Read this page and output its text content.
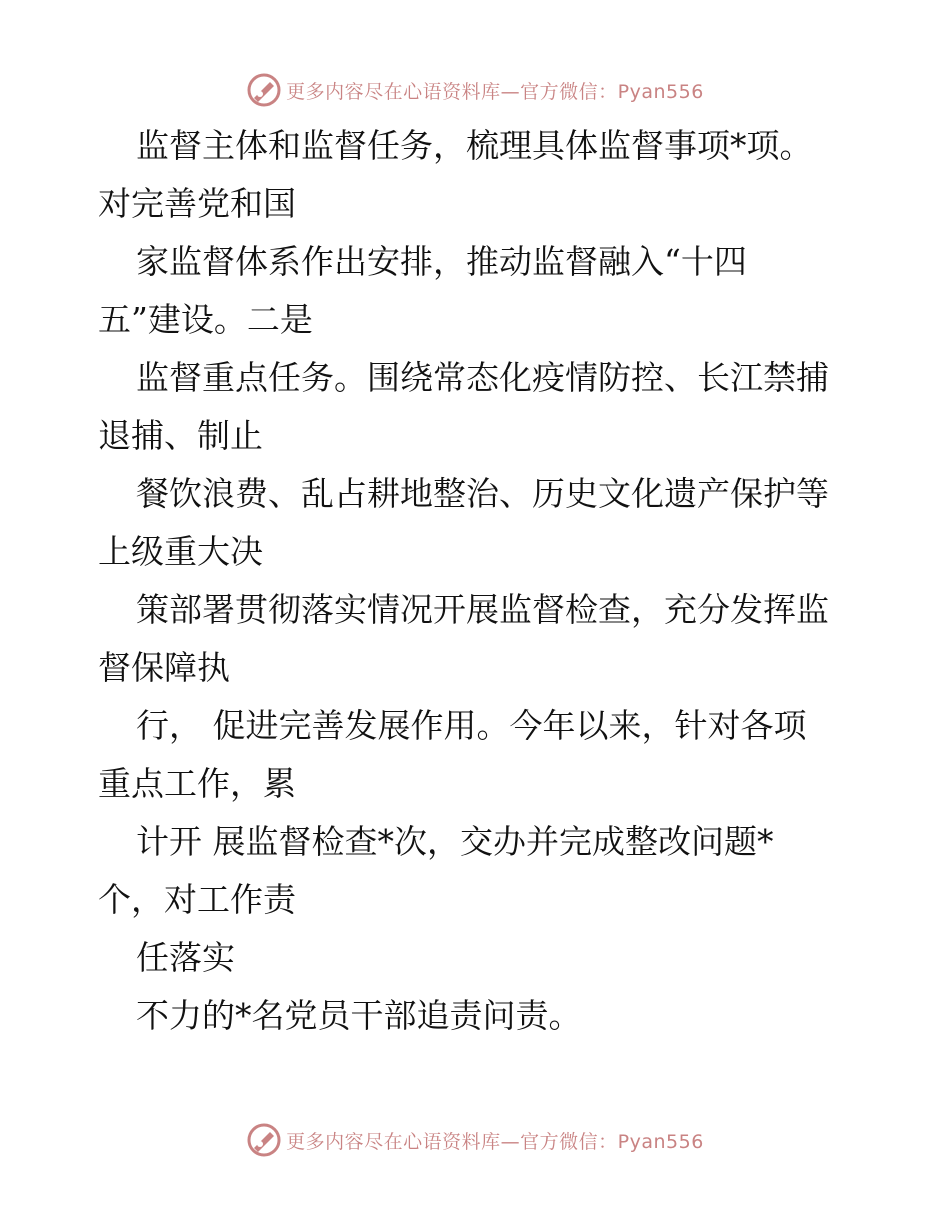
更多内容尽在心语资料库—官方微信：Pyan556
监督主体和监督任务，梳理具体监督事项*项。
对完善党和国
家监督体系作出安排，推动监督融入“十四
五”建设。二是
监督重点任务。围绕常态化疫情防控、长江禁捕
退捕、制止
餐饮浪费、乱占耕地整治、历史文化遗产保护等
上级重大决
策部署贯彻落实情况开展监督检查，充分发挥监
督保障执
行， 促进完善发展作用。今年以来，针对各项
重点工作，累
计开 展监督检查*次，交办并完成整改问题*
个，对工作责
任落实
不力的*名党员干部追责问责。
更多内容尽在心语资料库—官方微信：Pyan556
